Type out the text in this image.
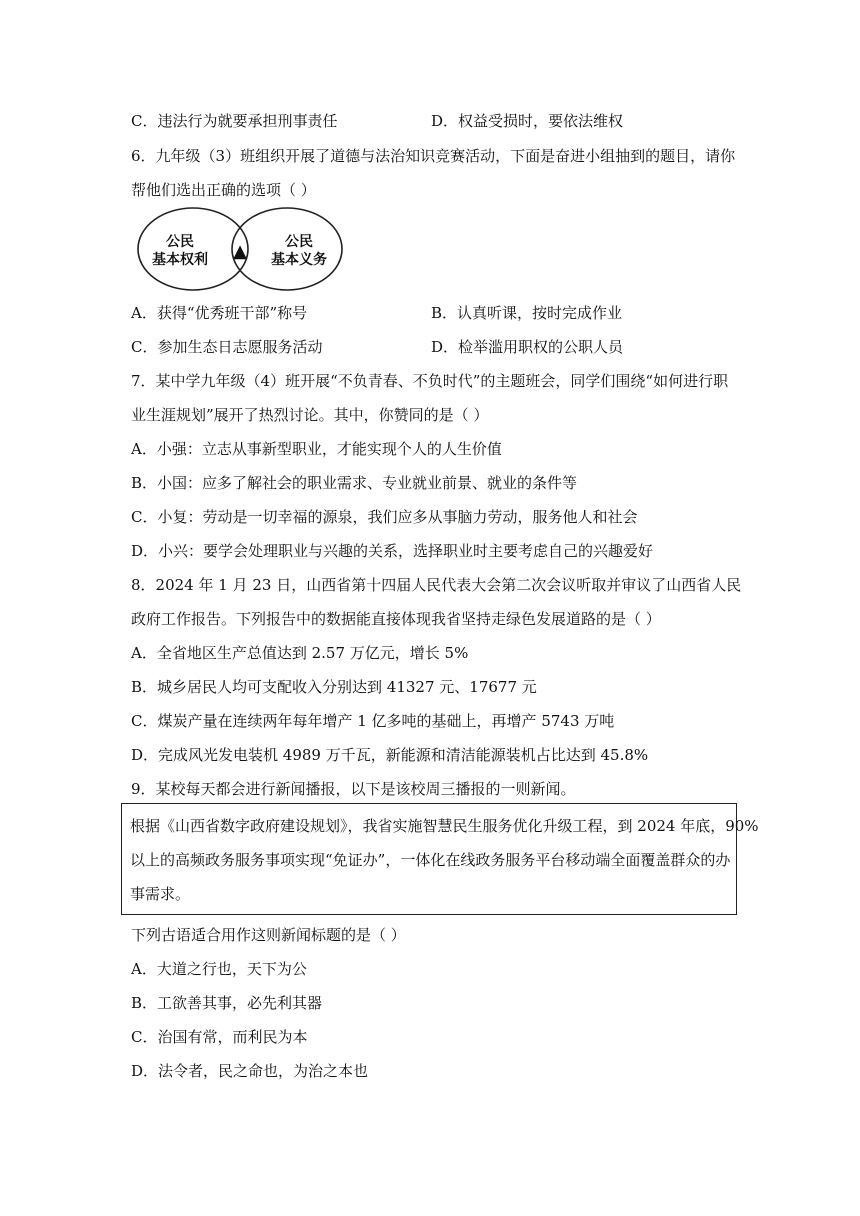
C．违法行为就要承担刑事责任	D．权益受损时，要依法维权
6．九年级（3）班组织开展了道德与法治知识竞赛活动，下面是奋进小组抽到的题目，请你
帮他们选出正确的选项（ ）
公民
基本权利 ▲	公民
基本义务
A．获得“优秀班干部”称号	B．认真听课，按时完成作业
C．参加生态日志愿服务活动	D．检举滥用职权的公职人员
7．某中学九年级（4）班开展“不负青春、不负时代”的主题班会，同学们围绕“如何进行职
业生涯规划”展开了热烈讨论。其中，你赞同的是（ ）
A．小强：立志从事新型职业，才能实现个人的人生价值
B．小国：应多了解社会的职业需求、专业就业前景、就业的条件等
C．小复：劳动是一切幸福的源泉，我们应多从事脑力劳动，服务他人和社会
D．小兴：要学会处理职业与兴趣的关系，选择职业时主要考虑自己的兴趣爱好
8．2024 年 1 月 23 日，山西省第十四届人民代表大会第二次会议听取并审议了山西省人民
政府工作报告。下列报告中的数据能直接体现我省坚持走绿色发展道路的是（ ）
A．全省地区生产总值达到 2.57 万亿元，增长 5%
B．城乡居民人均可支配收入分别达到 41327 元、17677 元
C．煤炭产量在连续两年每年增产 1 亿多吨的基础上，再增产 5743 万吨
D．完成风光发电装机 4989 万千瓦，新能源和清洁能源装机占比达到 45.8%
9．某校每天都会进行新闻播报，以下是该校周三播报的一则新闻。
根据《山西省数字政府建设规划》，我省实施智慧民生服务优化升级工程，到 2024 年底，90%
以上的高频政务服务事项实现“免证办”，一体化在线政务服务平台移动端全面覆盖群众的办
事需求。
下列古语适合用作这则新闻标题的是（ ）
A．大道之行也，天下为公
B．工欲善其事，必先利其器
C．治国有常，而利民为本
D．法令者，民之命也，为治之本也
